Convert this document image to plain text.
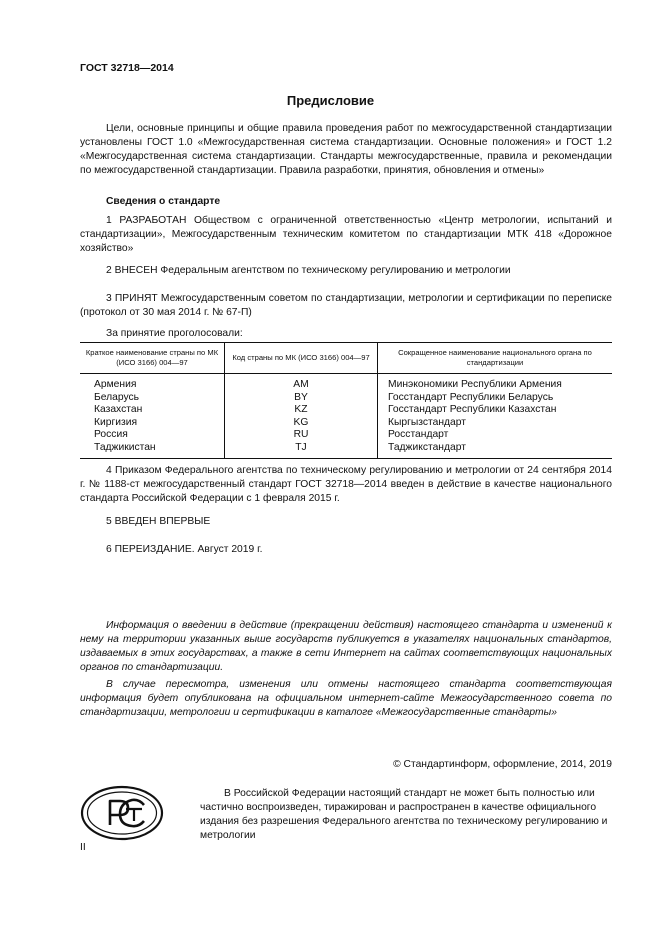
ГОСТ 32718—2014
Предисловие

Цели, основные принципы и общие правила проведения работ по межгосударственной стандартизации установлены ГОСТ 1.0 «Межгосударственная система стандартизации. Основные положения» и ГОСТ 1.2 «Межгосударственная система стандартизации. Стандарты межгосударственные, правила и рекомендации по межгосударственной стандартизации. Правила разработки, принятия, обновления и отмены»

Сведения о стандарте

1 РАЗРАБОТАН Обществом с ограниченной ответственностью «Центр метрологии, испытаний и стандартизации», Межгосударственным техническим комитетом по стандартизации МТК 418 «Дорожное хозяйство»

2 ВНЕСЕН Федеральным агентством по техническому регулированию и метрологии

3 ПРИНЯТ Межгосударственным советом по стандартизации, метрологии и сертификации по переписке (протокол от 30 мая 2014 г. № 67-П)

За принятие проголосовали:

Краткое наименование страны по МК (ИСО 3166) 004—97	Код страны по МК (ИСО 3166) 004—97	Сокращенное наименование национального органа по стандартизации
Армения	AM	Минэкономики Республики Армения
Беларусь	BY	Госстандарт Республики Беларусь
Казахстан	KZ	Госстандарт Республики Казахстан
Киргизия	KG	Кыргызстандарт
Россия	RU	Росстандарт
Таджикистан	TJ	Таджикстандарт

4 Приказом Федерального агентства по техническому регулированию и метрологии от 24 сентября 2014 г. № 1188-ст межгосударственный стандарт ГОСТ 32718—2014 введен в действие в качестве национального стандарта Российской Федерации с 1 февраля 2015 г.

5 ВВЕДЕН ВПЕРВЫЕ

6 ПЕРЕИЗДАНИЕ. Август 2019 г.

Информация о введении в действие (прекращении действия) настоящего стандарта и изменений к нему на территории указанных выше государств публикуется в указателях национальных стандартов, издаваемых в этих государствах, а также в сети Интернет на сайтах соответствующих национальных органов по стандартизации.

В случае пересмотра, изменения или отмены настоящего стандарта соответствующая информация будет опубликована на официальном интернет-сайте Межгосударственного совета по стандартизации, метрологии и сертификации в каталоге «Межгосударственные стандарты»

© Стандартинформ, оформление, 2014, 2019

В Российской Федерации настоящий стандарт не может быть полностью или частично воспроизведен, тиражирован и распространен в качестве официального издания без разрешения Федерального агентства по техническому регулированию и метрологии

II
